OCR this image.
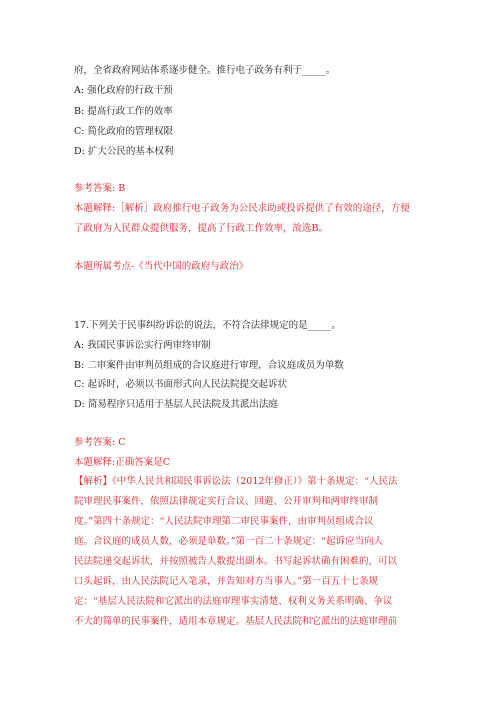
府，全省政府网站体系逐步健全。推行电子政务有利于_____。
A: 强化政府的行政干预
B: 提高行政工作的效率
C: 简化政府的管理权限
D: 扩大公民的基本权利
参考答案: B
本题解释:［解析］政府推行电子政务为公民求助或投诉提供了有效的途径，方便
了政府为人民群众提供服务，提高了行政工作效率，故选B。
本题所属考点-《当代中国的政府与政治》
17.下列关于民事纠纷诉讼的说法，不符合法律规定的是_____。
A: 我国民事诉讼实行两审终审制
B: 二审案件由审判员组成的合议庭进行审理，合议庭成员为单数
C: 起诉时，必须以书面形式向人民法院提交起诉状
D: 简易程序只适用于基层人民法院及其派出法庭
参考答案: C
本题解释:正确答案是C
【解析】《中华人民共和国民事诉讼法（2012年修正）》第十条规定：“人民法
院审理民事案件，依照法律规定实行合议、回避、公开审判和两审终审制
度。”第四十条规定：“人民法院审理第二审民事案件，由审判员组成合议
庭。合议庭的成员人数，必须是单数。”第一百二十条规定：“起诉应当向人
民法院递交起诉状，并按照被告人数提出副本。书写起诉状确有困难的，可以
口头起诉，由人民法院记入笔录，并告知对方当事人。”第一百五十七条规
定：“基层人民法院和它派出的法庭审理事实清楚、权利义务关系明确、争议
不大的简单的民事案件，适用本章规定。基层人民法院和它派出的法庭审理前
